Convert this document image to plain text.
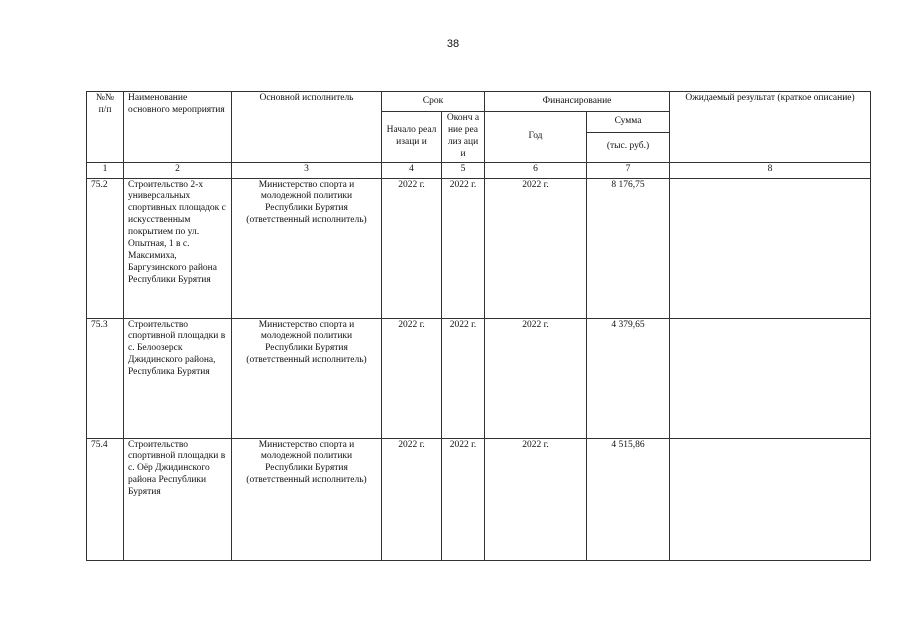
38
№№ п/п	Наименование основного мероприятия	Основной исполнитель	Срок		Финансирование		Ожидаемый результат (краткое описание)
			Начало реализаци и	Оконч ание реализ ации	Год	Сумма	
						(тыс. руб.)	
1	2	3	4	5	6	7	8
75.2	Строительство 2-х универсальных спортивных площадок с искусственным покрытием по ул. Опытная, 1 в с. Максимиха, Баргузинского района Республики Бурятия	Министерство спорта и молодежной политики Республики Бурятия (ответственный исполнитель)	2022 г.	2022 г.	2022 г.	8 176,75	
75.3	Строительство спортивной площадки в с. Белоозерск Джидинского района, Республика Бурятия	Министерство спорта и молодежной политики Республики Бурятия (ответственный исполнитель)	2022 г.	2022 г.	2022 г.	4 379,65	
75.4	Строительство спортивной площадки в с. Оёр Джидинского района Республики Бурятия	Министерство спорта и молодежной политики Республики Бурятия (ответственный исполнитель)	2022 г.	2022 г.	2022 г.	4 515,86	
